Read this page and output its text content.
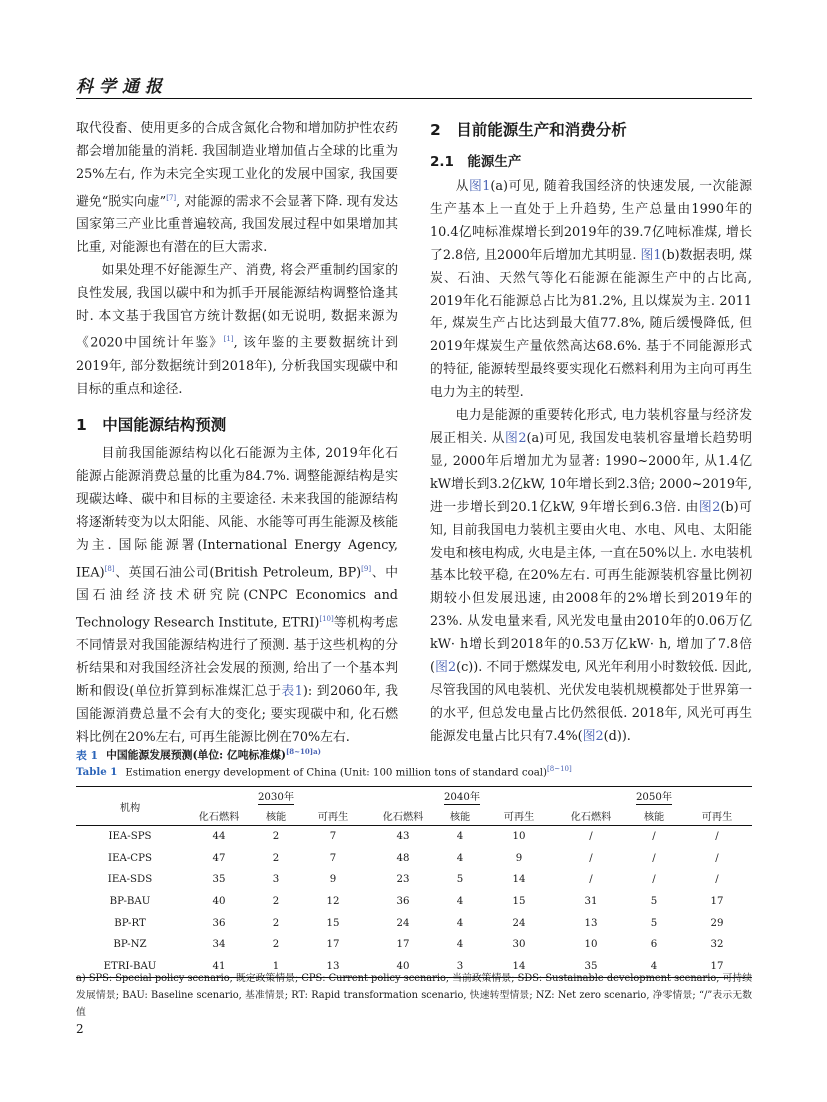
科学通报

取代役畜、使用更多的合成含氮化合物和增加防护性农药都会增加能量的消耗. 我国制造业增加值占全球的比重为25%左右, 作为未完全实现工业化的发展中国家, 我国要避免“脱实向虚”[7], 对能源的需求不会显著下降. 现有发达国家第三产业比重普遍较高, 我国发展过程中如果增加其比重, 对能源也有潜在的巨大需求.

如果处理不好能源生产、消费, 将会严重制约国家的良性发展, 我国以碳中和为抓手开展能源结构调整恰逢其时. 本文基于我国官方统计数据(如无说明, 数据来源为《2020中国统计年鉴》[1], 该年鉴的主要数据统计到2019年, 部分数据统计到2018年), 分析我国实现碳中和目标的重点和途径.

1　中国能源结构预测

目前我国能源结构以化石能源为主体, 2019年化石能源占能源消费总量的比重为84.7%. 调整能源结构是实现碳达峰、碳中和目标的主要途径. 未来我国的能源结构将逐渐转变为以太阳能、风能、水能等可再生能源及核能为主. 国际能源署(International Energy Agency, IEA)[8]、英国石油公司(British Petroleum, BP)[9]、中国石油经济技术研究院(CNPC Economics and Technology Research Institute, ETRI)[10]等机构考虑不同情景对我国能源结构进行了预测. 基于这些机构的分析结果和对我国经济社会发展的预测, 给出了一个基本判断和假设(单位折算到标准煤汇总于表1): 到2060年, 我国能源消费总量不会有大的变化; 要实现碳中和, 化石燃料比例在20%左右, 可再生能源比例在70%左右.

2　目前能源生产和消费分析
2.1　能源生产

从图1(a)可见, 随着我国经济的快速发展, 一次能源生产基本上一直处于上升趋势, 生产总量由1990年的10.4亿吨标准煤增长到2019年的39.7亿吨标准煤, 增长了2.8倍, 且2000年后增加尤其明显. 图1(b)数据表明, 煤炭、石油、天然气等化石能源在能源生产中的占比高, 2019年化石能源总占比为81.2%, 且以煤炭为主. 2011年, 煤炭生产占比达到最大值77.8%, 随后缓慢降低, 但2019年煤炭生产量依然高达68.6%. 基于不同能源形式的特征, 能源转型最终要实现化石燃料利用为主向可再生电力为主的转型.

电力是能源的重要转化形式, 电力装机容量与经济发展正相关. 从图2(a)可见, 我国发电装机容量增长趋势明显, 2000年后增加尤为显著: 1990~2000年, 从1.4亿kW增长到3.2亿kW, 10年增长到2.3倍; 2000~2019年, 进一步增长到20.1亿kW, 9年增长到6.3倍. 由图2(b)可知, 目前我国电力装机主要由火电、水电、风电、太阳能发电和核电构成, 火电是主体, 一直在50%以上. 水电装机基本比较平稳, 在20%左右. 可再生能源装机容量比例初期较小但发展迅速, 由2008年的2%增长到2019年的23%. 从发电量来看, 风光发电量由2010年的0.06万亿kW· h增长到2018年的0.53万亿kW· h, 增加了7.8倍(图2(c)). 不同于燃煤发电, 风光年利用小时数较低. 因此, 尽管我国的风电装机、光伏发电装机规模都处于世界第一的水平, 但总发电量占比仍然很低. 2018年, 风光可再生能源发电量占比只有7.4%(图2(d)).

表 1 中国能源发展预测(单位: 亿吨标准煤)$^{[8\sim 10]a)}$
Table 1 Estimation energy development of China (Unit: 100 million tons of standard coal)[8~10]
机构	2030年			2040年			2050年		
	化石燃料	核能	可再生	化石燃料	核能	可再生	化石燃料	核能	可再生
IEA-SPS	44	2	7	43	4	10	/	/	/
IEA-CPS	47	2	7	48	4	9	/	/	/
IEA-SDS	35	3	9	23	5	14	/	/	/
BP-BAU	40	2	12	36	4	15	31	5	17
BP-RT	36	2	15	24	4	24	13	5	29
BP-NZ	34	2	17	17	4	30	10	6	32
ETRI-BAU	41	1	13	40	3	14	35	4	17
a) SPS: Special policy scenario, 既定政策情景; CPS: Current policy scenario, 当前政策情景; SDS: Sustainable development scenario, 可持续发展情景; BAU: Baseline scenario, 基准情景; RT: Rapid transformation scenario, 快速转型情景; NZ: Net zero scenario, 净零情景; “/”表示无数值
2
